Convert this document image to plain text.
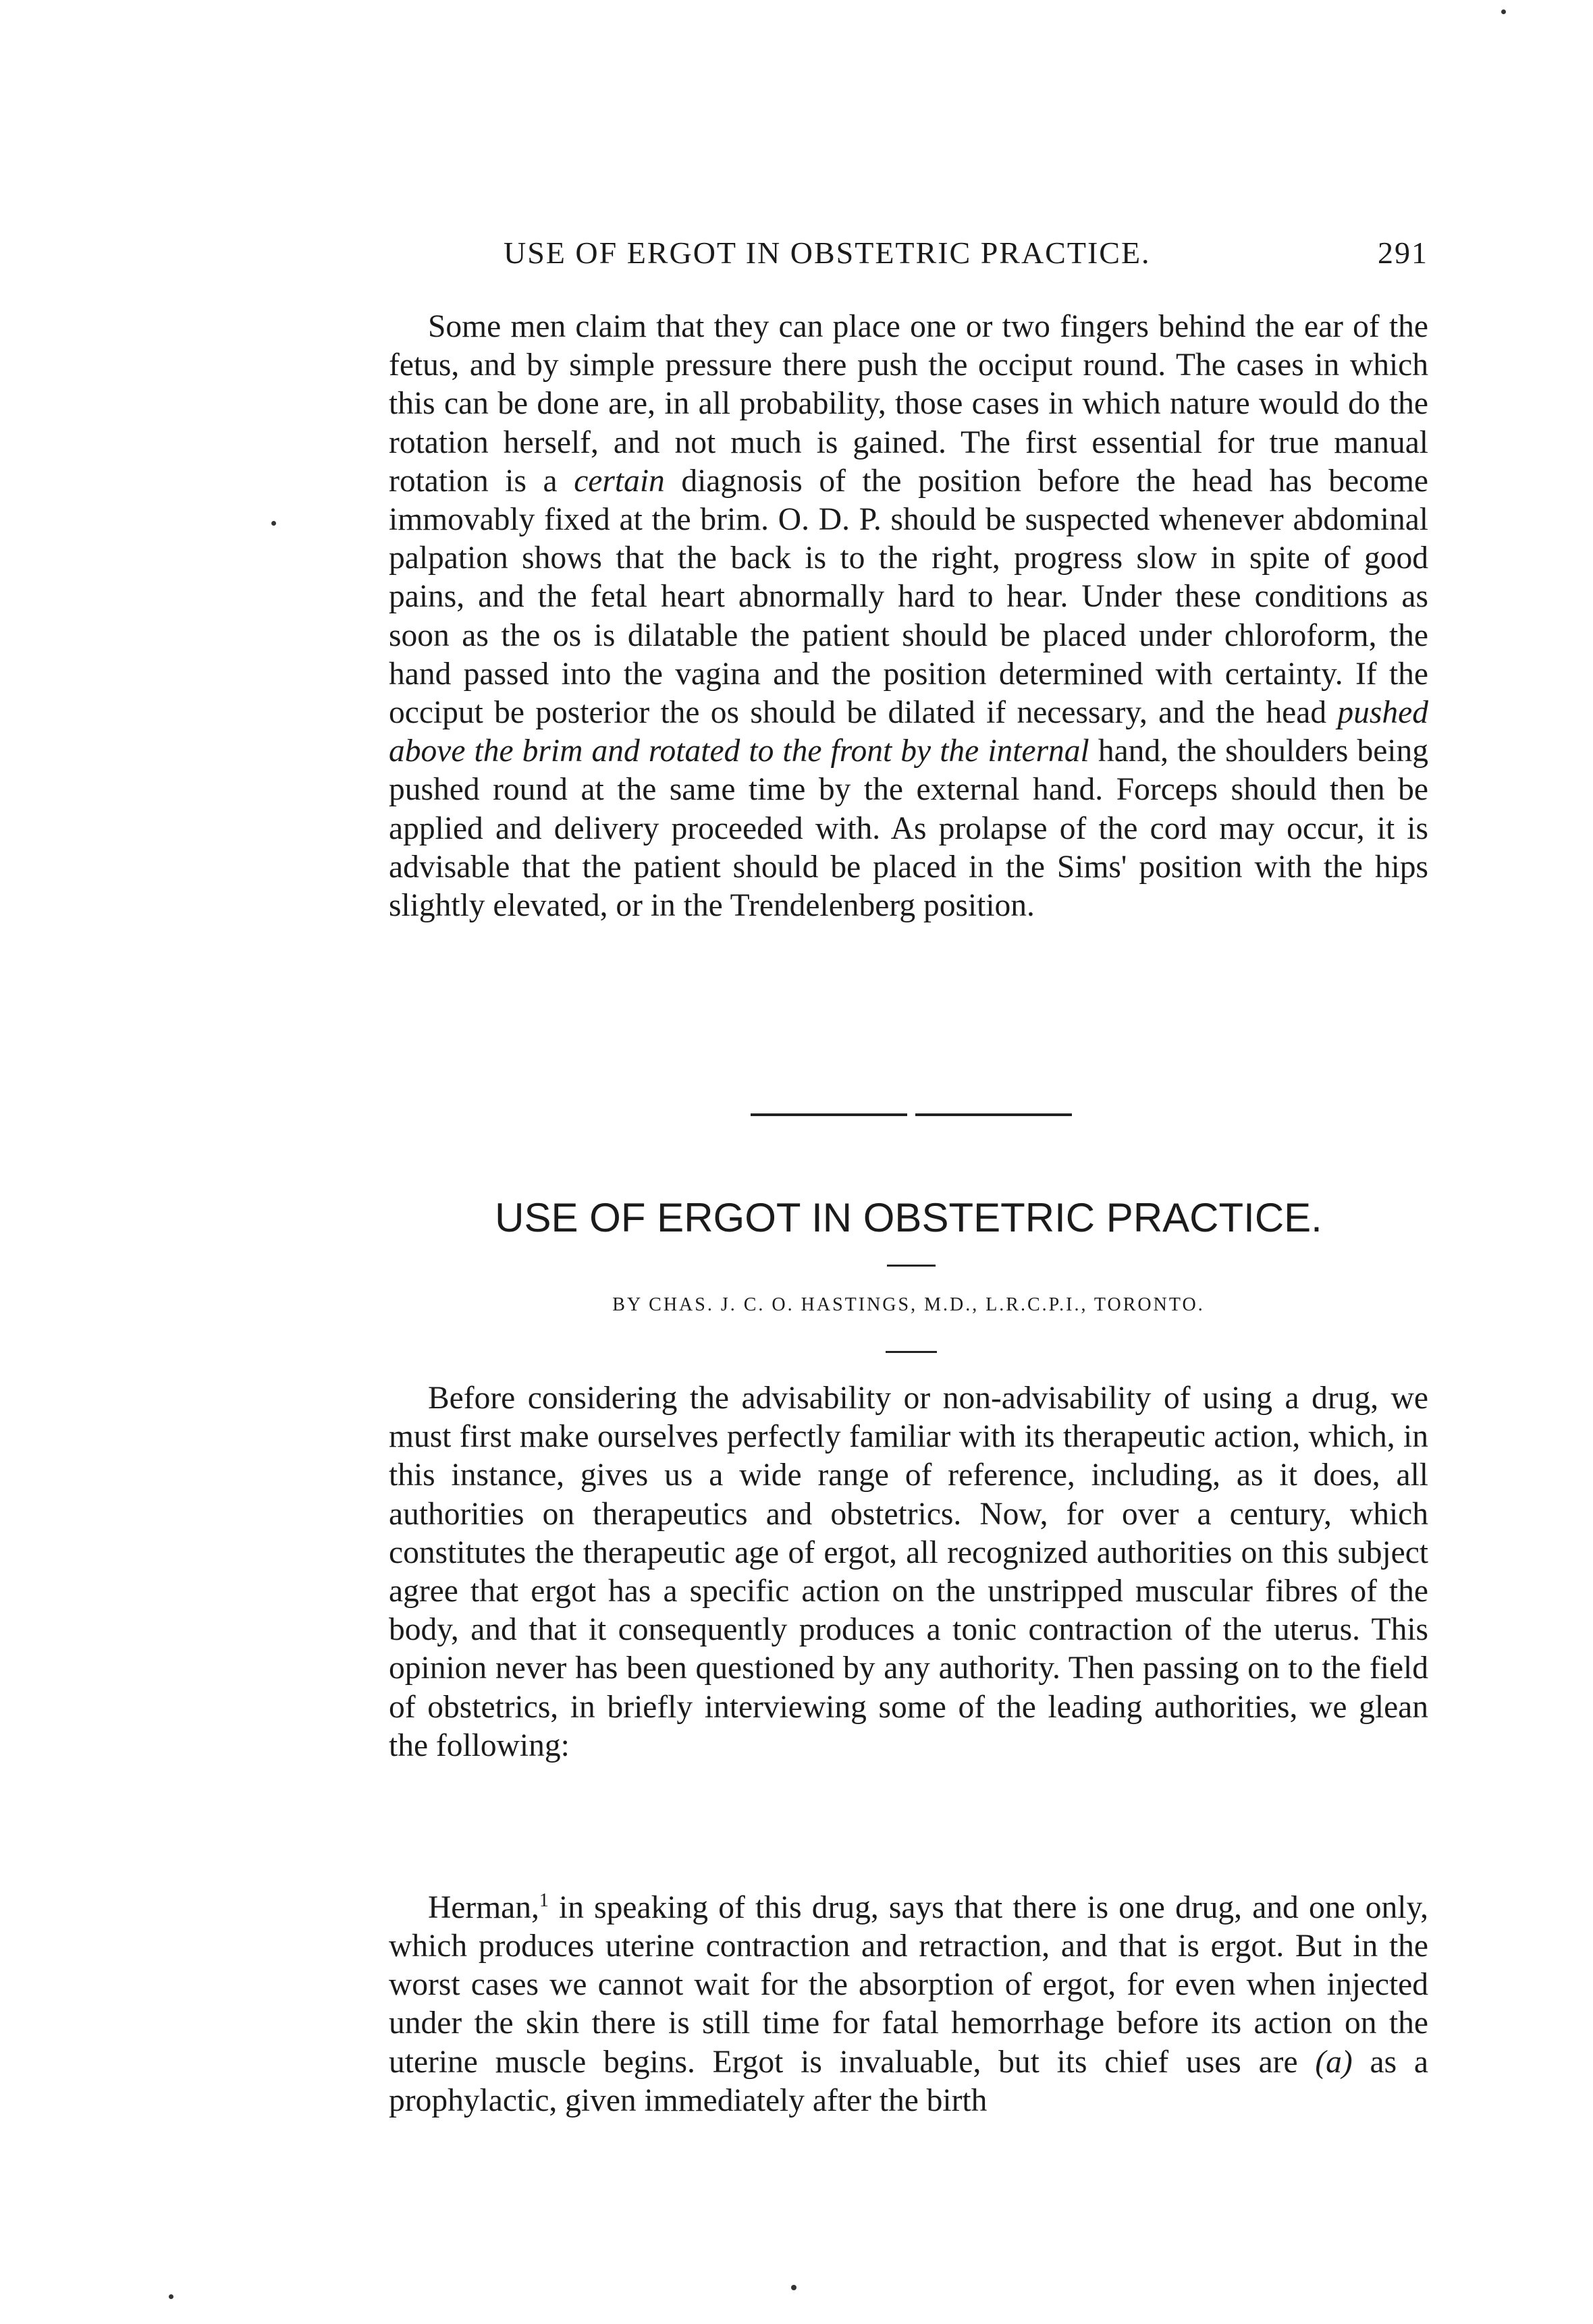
USE OF ERGOT IN OBSTETRIC PRACTICE.	291

Some men claim that they can place one or two fingers behind the ear of the fetus, and by simple pressure there push the occiput round. The cases in which this can be done are, in all probability, those cases in which nature would do the rotation herself, and not much is gained. The first essential for true manual rotation is a certain diagnosis of the position before the head has become immovably fixed at the brim. O. D. P. should be suspected whenever abdominal palpation shows that the back is to the right, progress slow in spite of good pains, and the fetal heart abnormally hard to hear. Under these conditions as soon as the os is dilatable the patient should be placed under chloroform, the hand passed into the vagina and the position determined with certainty. If the occiput be posterior the os should be dilated if necessary, and the head pushed above the brim and rotated to the front by the internal hand, the shoulders being pushed round at the same time by the external hand. Forceps should then be applied and delivery proceeded with. As prolapse of the cord may occur, it is advisable that the patient should be placed in the Sims' position with the hips slightly elevated, or in the Trendelenberg position.

USE OF ERGOT IN OBSTETRIC PRACTICE.
BY CHAS. J. C. O. HASTINGS, M.D., L.R.C.P.I., TORONTO.

Before considering the advisability or non-advisability of using a drug, we must first make ourselves perfectly familiar with its therapeutic action, which, in this instance, gives us a wide range of reference, including, as it does, all authorities on therapeutics and obstetrics. Now, for over a century, which constitutes the therapeutic age of ergot, all recognized authorities on this subject agree that ergot has a specific action on the unstripped muscular fibres of the body, and that it consequently produces a tonic contraction of the uterus. This opinion never has been questioned by any authority. Then passing on to the field of obstetrics, in briefly interviewing some of the leading authorities, we glean the following:

Herman,$^1$ in speaking of this drug, says that there is one drug, and one only, which produces uterine contraction and retraction, and that is ergot. But in the worst cases we cannot wait for the absorption of ergot, for even when injected under the skin there is still time for fatal hemorrhage before its action on the uterine muscle begins. Ergot is invaluable, but its chief uses are (a) as a prophylactic, given immediately after the birth
